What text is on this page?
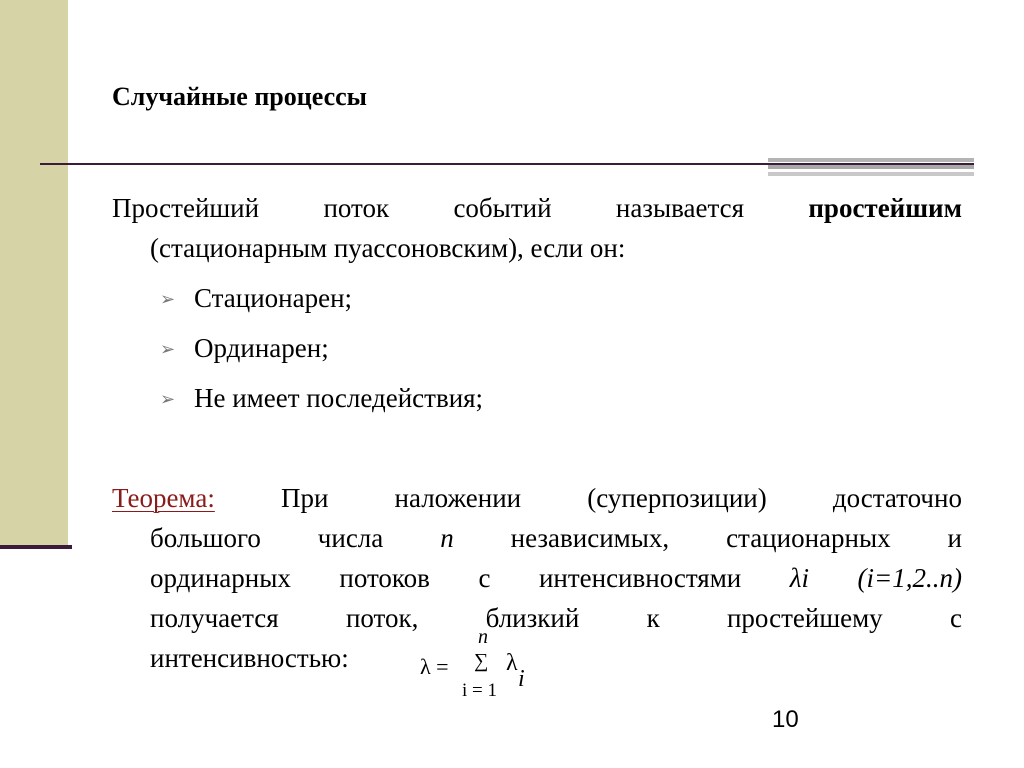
Случайные процессы
Простейший поток событий называется простейшим
(стационарным пуассоновским), если он:
➢ Стационарен;
➢ Ординарен;
➢ Не имеет последействия;
Теорема: При наложении (суперпозиции) достаточно
большого числа n независимых, стационарных и
ординарных потоков с интенсивностями λi (i=1,2..n)
получается поток, близкий к простейшему с
интенсивностью:	λ =
n
∑
i = 1
λ
i
10
